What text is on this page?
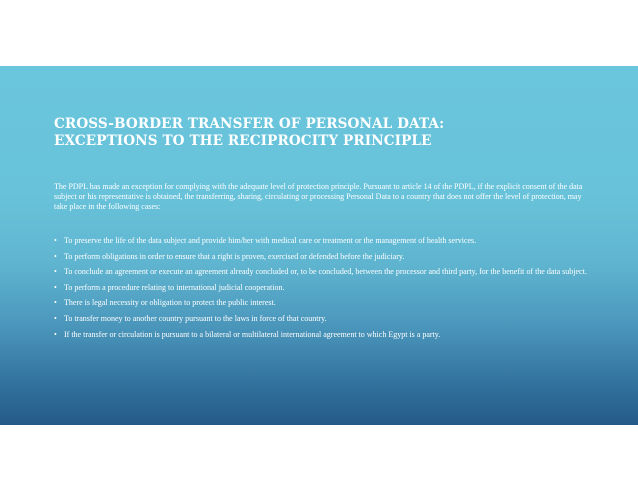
CROSS-BORDER TRANSFER OF PERSONAL DATA:
EXCEPTIONS TO THE RECIPROCITY PRINCIPLE

The PDPL has made an exception for complying with the adequate level of protection principle. Pursuant to article 14 of the PDPL, if the explicit consent of the data subject or his representative is obtained, the transferring, sharing, circulating or processing Personal Data to a country that does not offer the level of protection, may take place in the following cases:

• To preserve the life of the data subject and provide him/her with medical care or treatment or the management of health services.
• To perform obligations in order to ensure that a right is proven, exercised or defended before the judiciary.
• To conclude an agreement or execute an agreement already concluded or, to be concluded, between the processor and third party, for the benefit of the data subject.
• To perform a procedure relating to international judicial cooperation.
• There is legal necessity or obligation to protect the public interest.
• To transfer money to another country pursuant to the laws in force of that country.
• If the transfer or circulation is pursuant to a bilateral or multilateral international agreement to which Egypt is a party.
